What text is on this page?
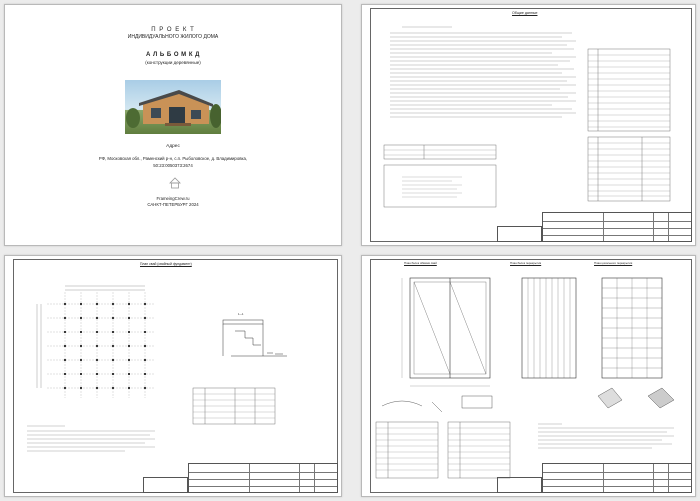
П Р О Е К Т
ИНДИВИДУАЛЬНОГО ЖИЛОГО ДОМА
А Л Ь Б О М К Д
(конструкции деревянные)
Адрес
РФ, Московская обл., Раменский р-н, с.п. Рыболовское, д. Владимировка,
50:23:0050373:2674
FrameingCrew.ru
САНКТ-ПЕТЕРБУРГ 2024
Общие данные
План свай (свайный фундамент)
1—1
План балок обвязки свай	План балок перекрытия	План цокольного перекрытия
